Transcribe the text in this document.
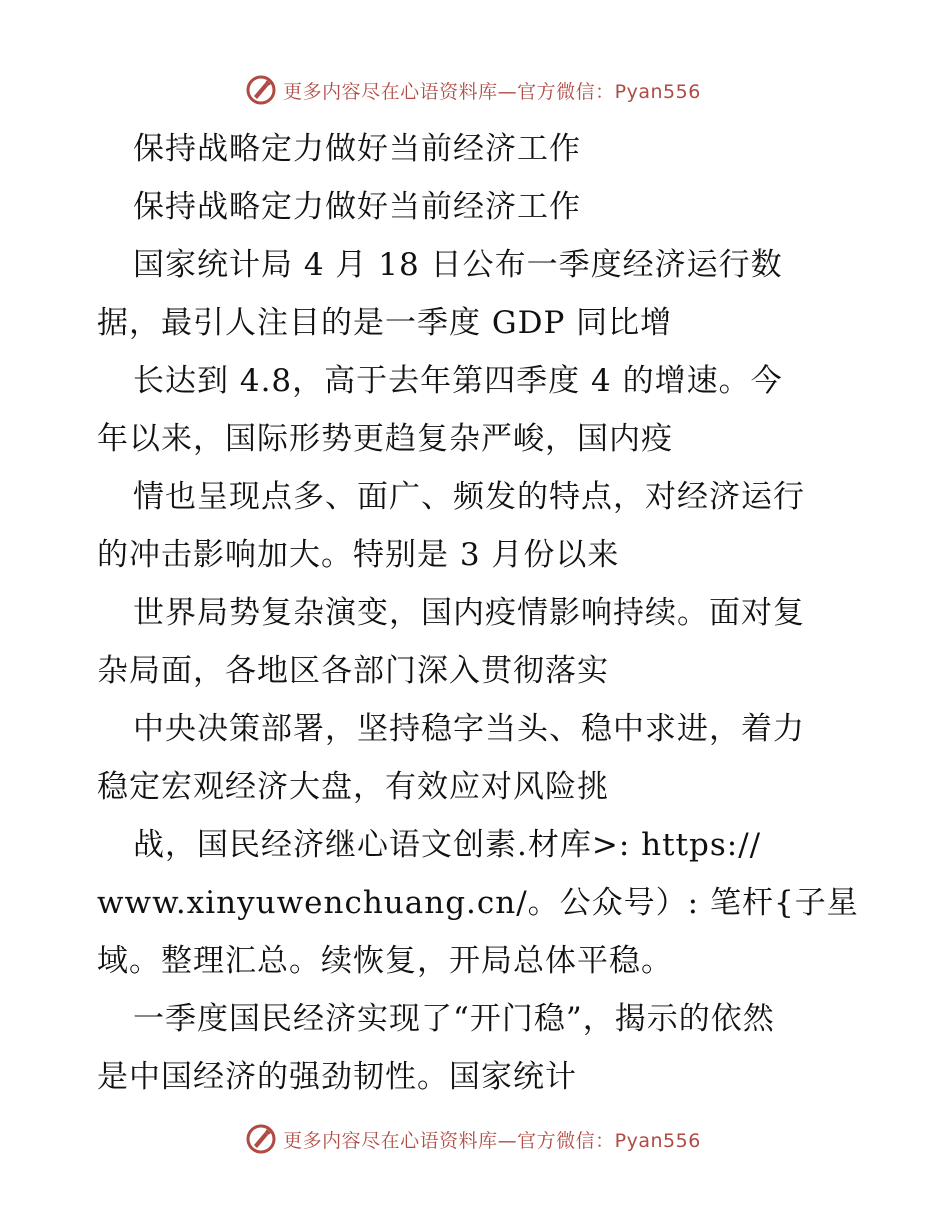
更多内容尽在心语资料库—官方微信：Pyan556
保持战略定力做好当前经济工作
保持战略定力做好当前经济工作
国家统计局 4 月 18 日公布一季度经济运行数
据，最引人注目的是一季度 GDP 同比增
长达到 4.8，高于去年第四季度 4 的增速。今
年以来，国际形势更趋复杂严峻，国内疫
情也呈现点多、面广、频发的特点，对经济运行
的冲击影响加大。特别是 3 月份以来
世界局势复杂演变，国内疫情影响持续。面对复
杂局面，各地区各部门深入贯彻落实
中央决策部署，坚持稳字当头、稳中求进，着力
稳定宏观经济大盘，有效应对风险挑
战，国民经济继心语文创素.材库>: https://
www.xinyuwenchuang.cn/。公众号）: 笔杆{子星
域。整理汇总。续恢复，开局总体平稳。
一季度国民经济实现了“开门稳”，揭示的依然
是中国经济的强劲韧性。国家统计
更多内容尽在心语资料库—官方微信：Pyan556
